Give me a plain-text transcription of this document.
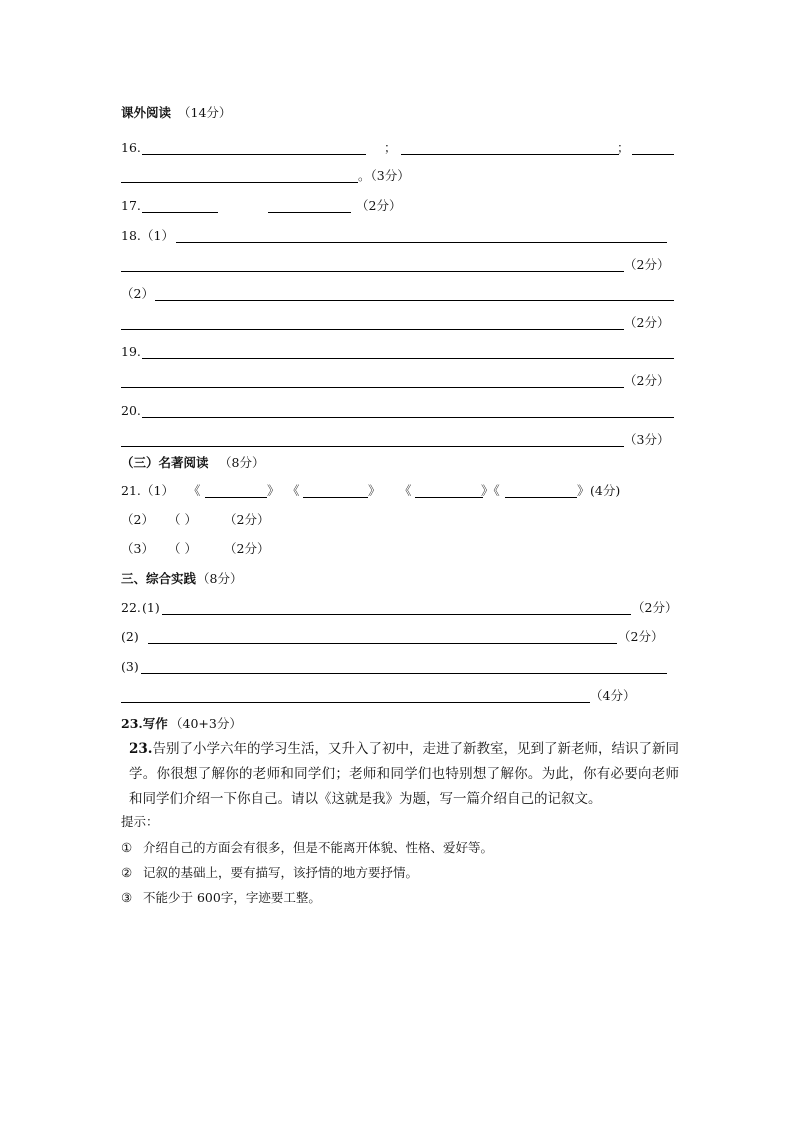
课外阅读 （14分）
16.	；	；
。（3分）
17.	（2分）
18. （1）
（2分）
（2）
（2分）
19.
（2分）
20.
（3分）
（三）名著阅读 （8分）
21. （1） 《	》 《	》 《	》《	》 (4分)
（2） （ ） （2分）
（3） （ ） （2分）
三、综合实践 （8分）
22. (1)	（2分）
(2)	（2分）
(3)
（4分）
23.写作 （40+3分）
23.告别了小学六年的学习生活，又升入了初中，走进了新教室，见到了新老师，结识了新同学。你很想了解你的老师和同学们；老师和同学们也特别想了解你。为此，你有必要向老师和同学们介绍一下你自己。请以《这就是我》为题，写一篇介绍自己的记叙文。
提示：
① 介绍自己的方面会有很多，但是不能离开体貌、性格、爱好等。
② 记叙的基础上，要有描写，该抒情的地方要抒情。
③ 不能少于 600字，字迹要工整。
